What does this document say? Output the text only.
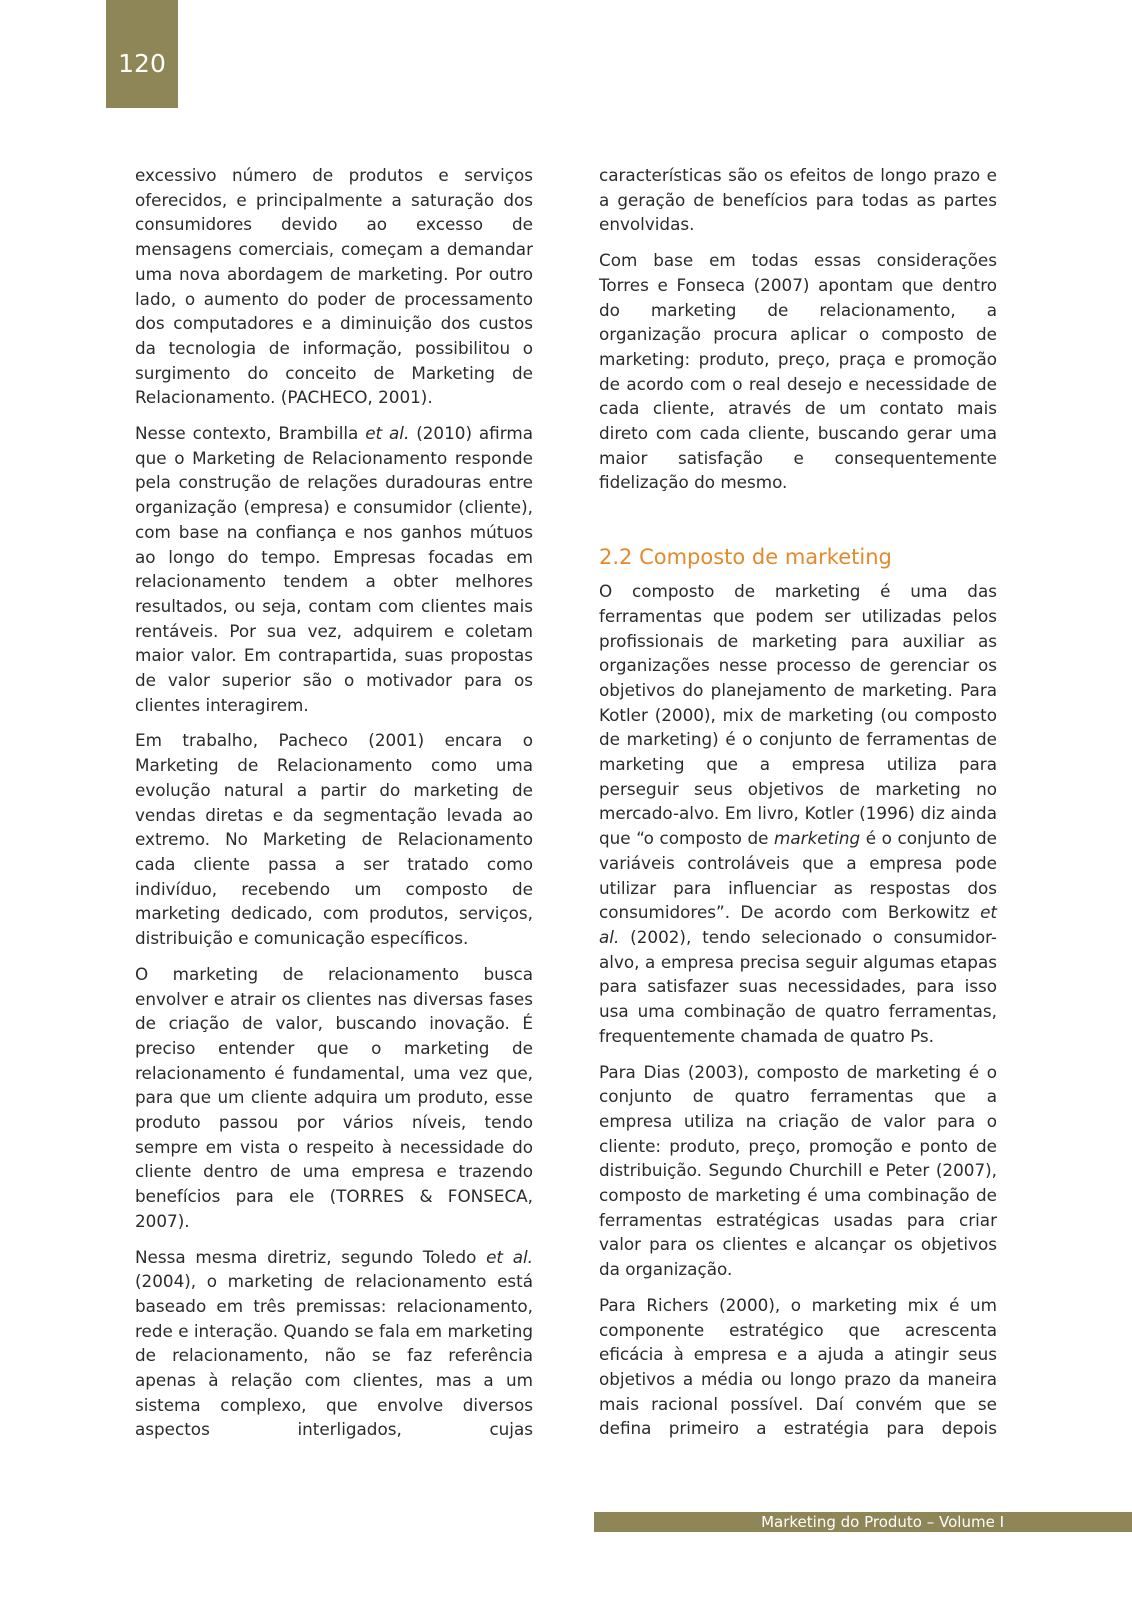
120

excessivo número de produtos e serviços oferecidos, e principalmente a saturação dos consumidores devido ao excesso de mensagens comerciais, começam a demandar uma nova abordagem de marketing. Por outro lado, o aumento do poder de processamento dos computadores e a diminuição dos custos da tecnologia de informação, possibilitou o surgimento do conceito de Marketing de Relacionamento. (PACHECO, 2001).

Nesse contexto, Brambilla et al. (2010) afirma que o Marketing de Relacionamento responde pela construção de relações duradouras entre organização (empresa) e consumidor (cliente), com base na confiança e nos ganhos mútuos ao longo do tempo. Empresas focadas em relacionamento tendem a obter melhores resultados, ou seja, contam com clientes mais rentáveis. Por sua vez, adquirem e coletam maior valor. Em contrapartida, suas propostas de valor superior são o motivador para os clientes interagirem.

Em trabalho, Pacheco (2001) encara o Marketing de Relacionamento como uma evolução natural a partir do marketing de vendas diretas e da segmentação levada ao extremo. No Marketing de Relacionamento cada cliente passa a ser tratado como indivíduo, recebendo um composto de marketing dedicado, com produtos, serviços, distribuição e comunicação específicos.

O marketing de relacionamento busca envolver e atrair os clientes nas diversas fases de criação de valor, buscando inovação. É preciso entender que o marketing de relacionamento é fundamental, uma vez que, para que um cliente adquira um produto, esse produto passou por vários níveis, tendo sempre em vista o respeito à necessidade do cliente dentro de uma empresa e trazendo benefícios para ele (TORRES & FONSECA, 2007).

Nessa mesma diretriz, segundo Toledo et al. (2004), o marketing de relacionamento está baseado em três premissas: relacionamento, rede e interação. Quando se fala em marketing de relacionamento, não se faz referência apenas à relação com clientes, mas a um sistema complexo, que envolve diversos aspectos interligados, cujas

características são os efeitos de longo prazo e a geração de benefícios para todas as partes envolvidas.

Com base em todas essas considerações Torres e Fonseca (2007) apontam que dentro do marketing de relacionamento, a organização procura aplicar o composto de marketing: produto, preço, praça e promoção de acordo com o real desejo e necessidade de cada cliente, através de um contato mais direto com cada cliente, buscando gerar uma maior satisfação e consequentemente fidelização do mesmo.

2.2 Composto de marketing

O composto de marketing é uma das ferramentas que podem ser utilizadas pelos profissionais de marketing para auxiliar as organizações nesse processo de gerenciar os objetivos do planejamento de marketing. Para Kotler (2000), mix de marketing (ou composto de marketing) é o conjunto de ferramentas de marketing que a empresa utiliza para perseguir seus objetivos de marketing no mercado-alvo. Em livro, Kotler (1996) diz ainda que “o composto de marketing é o conjunto de variáveis controláveis que a empresa pode utilizar para influenciar as respostas dos consumidores”. De acordo com Berkowitz et al. (2002), tendo selecionado o consumidor-alvo, a empresa precisa seguir algumas etapas para satisfazer suas necessidades, para isso usa uma combinação de quatro ferramentas, frequentemente chamada de quatro Ps.

Para Dias (2003), composto de marketing é o conjunto de quatro ferramentas que a empresa utiliza na criação de valor para o cliente: produto, preço, promoção e ponto de distribuição. Segundo Churchill e Peter (2007), composto de marketing é uma combinação de ferramentas estratégicas usadas para criar valor para os clientes e alcançar os objetivos da organização.

Para Richers (2000), o marketing mix é um componente estratégico que acrescenta eficácia à empresa e a ajuda a atingir seus objetivos a média ou longo prazo da maneira mais racional possível. Daí convém que se defina primeiro a estratégia para depois

Marketing do Produto – Volume I
